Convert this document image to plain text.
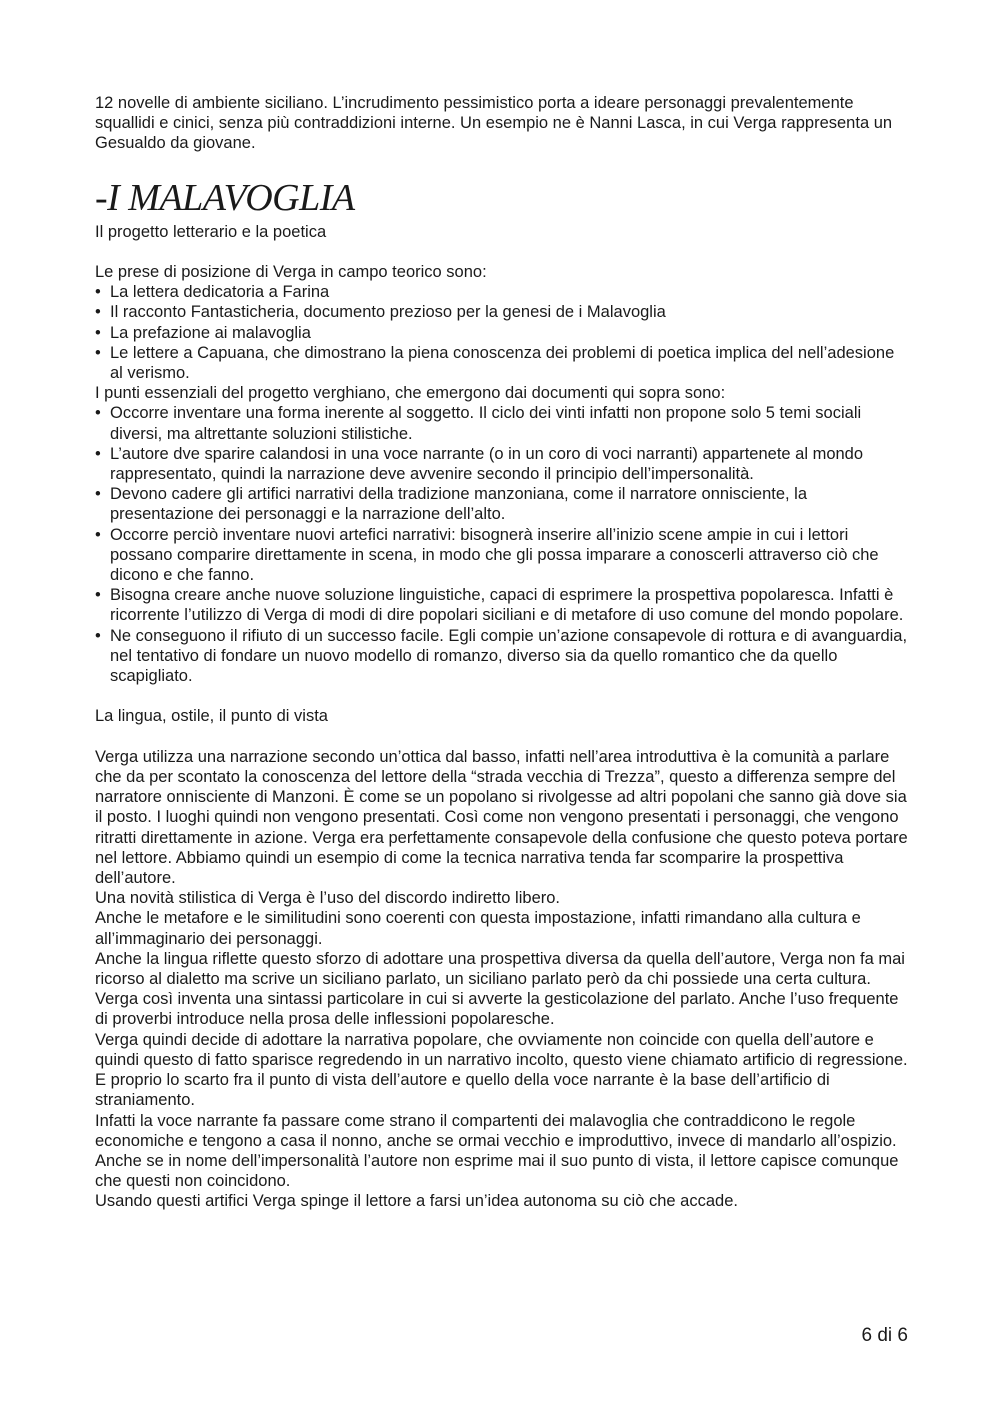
12 novelle di ambiente siciliano. L’incrudimento pessimistico porta a ideare personaggi prevalentemente squallidi e cinici, senza più contraddizioni interne. Un esempio ne è Nanni Lasca, in cui Verga rappresenta un Gesualdo da giovane.

-I MALAVOGLIA

Il progetto letterario e la poetica

Le prese di posizione di Verga in campo teorico sono:

• La lettera dedicatoria a Farina
• Il racconto Fantasticheria, documento prezioso per la genesi de i Malavoglia
• La prefazione ai malavoglia
• Le lettere a Capuana, che dimostrano la piena conoscenza dei problemi di poetica implica del nell’adesione al verismo.

I punti essenziali del progetto verghiano, che emergono dai documenti qui sopra sono:

• Occorre inventare una forma inerente al soggetto. Il ciclo dei vinti infatti non propone solo 5 temi sociali diversi, ma altrettante soluzioni stilistiche.
• L’autore dve sparire calandosi in una voce narrante (o in un coro di voci narranti) appartenete al mondo rappresentato, quindi la narrazione deve avvenire secondo il principio dell’impersonalità.
• Devono cadere gli artifici narrativi della tradizione manzoniana, come il narratore onnisciente, la presentazione dei personaggi e la narrazione dell’alto.
• Occorre perciò inventare nuovi artefici narrativi: bisognerà inserire all’inizio scene ampie in cui i lettori possano comparire direttamente in scena, in modo che gli possa imparare a conoscerli attraverso ciò che dicono e che fanno.
• Bisogna creare anche nuove soluzione linguistiche, capaci di esprimere la prospettiva popolaresca. Infatti è ricorrente l’utilizzo di Verga di modi di dire popolari siciliani e di metafore di uso comune del mondo popolare.
• Ne conseguono il rifiuto di un successo facile. Egli compie un’azione consapevole di rottura e di avanguardia, nel tentativo di fondare un nuovo modello di romanzo, diverso sia da quello romantico che da quello scapigliato.

La lingua, ostile, il punto di vista

Verga utilizza una narrazione secondo un’ottica dal basso, infatti nell’area introduttiva è la comunità a parlare che da per scontato la conoscenza del lettore della “strada vecchia di Trezza”, questo a differenza sempre del narratore onnisciente di Manzoni. È come se un popolano si rivolgesse ad altri popolani che sanno già dove sia il posto. I luoghi quindi non vengono presentati. Così come non vengono presentati i personaggi, che vengono ritratti direttamente in azione. Verga era perfettamente consapevole della confusione che questo poteva portare nel lettore. Abbiamo quindi un esempio di come la tecnica narrativa tenda far scomparire la prospettiva dell’autore.

Una novità stilistica di Verga è l’uso del discordo indiretto libero.

Anche le metafore e le similitudini sono coerenti con questa impostazione, infatti rimandano alla cultura e all’immaginario dei personaggi.

Anche la lingua riflette questo sforzo di adottare una prospettiva diversa da quella dell’autore, Verga non fa mai ricorso al dialetto ma scrive un siciliano parlato, un siciliano parlato però da chi possiede una certa cultura. Verga così inventa una sintassi particolare in cui si avverte la gesticolazione del parlato. Anche l’uso frequente di proverbi introduce nella prosa delle inflessioni popolaresche.

Verga quindi decide di adottare la narrativa popolare, che ovviamente non coincide con quella dell’autore e quindi questo di fatto sparisce regredendo in un narrativo incolto, questo viene chiamato artificio di regressione. E proprio lo scarto fra il punto di vista dell’autore e quello della voce narrante è la base dell’artificio di straniamento.

Infatti la voce narrante fa passare come strano il compartenti dei malavoglia che contraddicono le regole economiche e tengono a casa il nonno, anche se ormai vecchio e improduttivo, invece di mandarlo all’ospizio. Anche se in nome dell’impersonalità l’autore non esprime mai il suo punto di vista, il lettore capisce comunque che questi non coincidono.

Usando questi artifici Verga spinge il lettore a farsi un’idea autonoma su ciò che accade.

6 di 6
